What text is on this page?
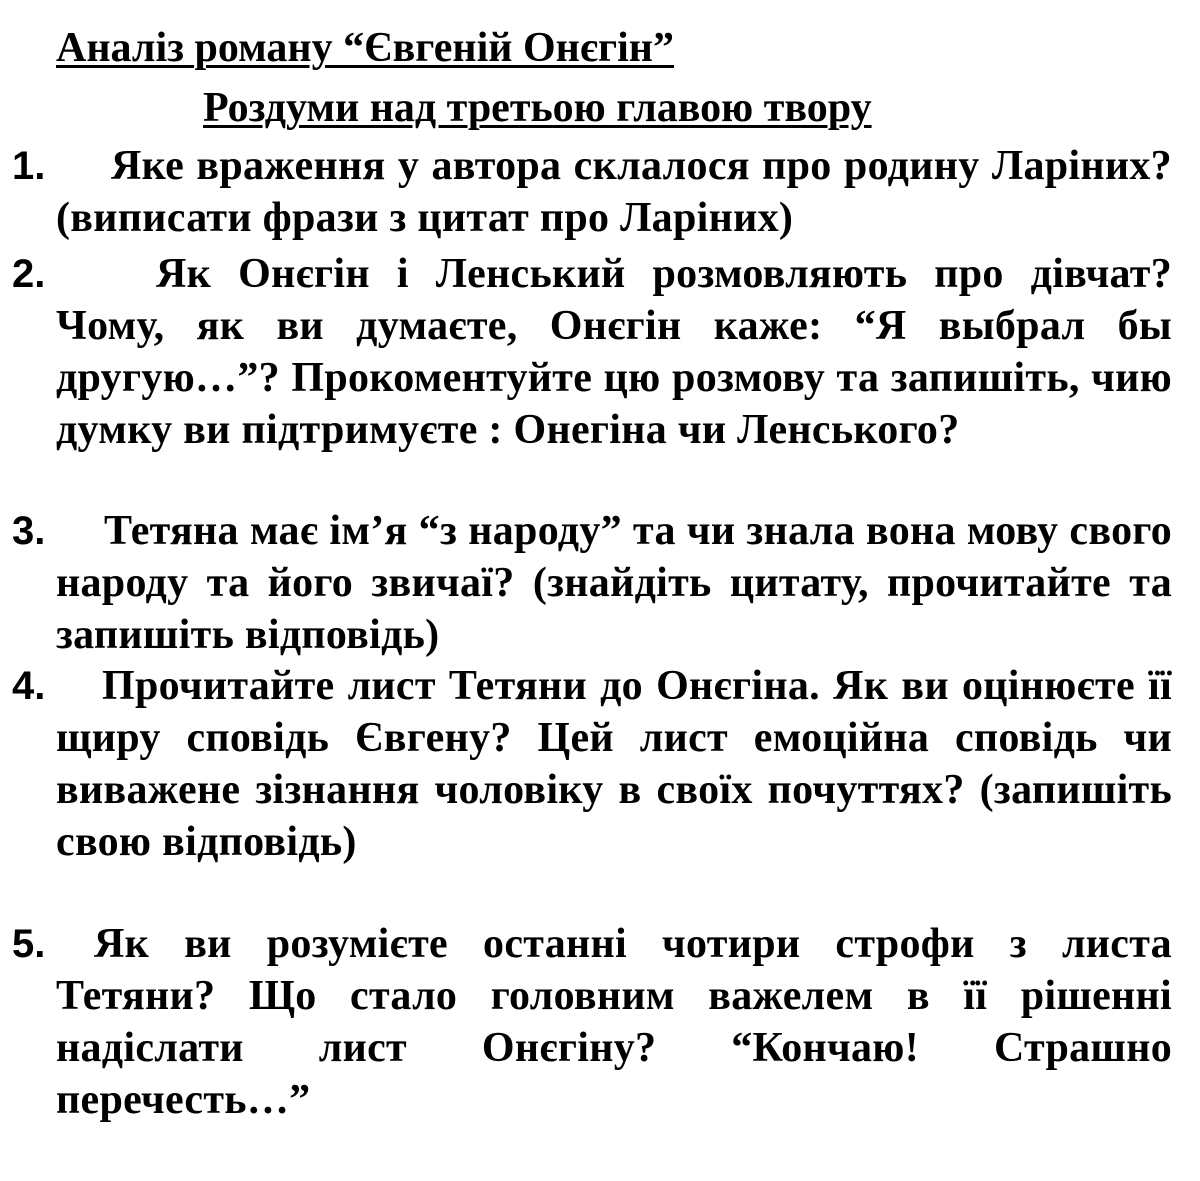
Аналіз роману “Євгеній Онєгін”
Роздуми над третьою главою твору
1.	Яке враження у автора склалося про родину Ларіних? (виписати фрази з цитат про Ларіних)
2.	Як Онєгін і Ленський розмовляють про дівчат? Чому, як ви думаєте, Онєгін каже: “Я выбрал бы другую…”? Прокоментуйте цю розмову та запишіть, чию думку ви підтримуєте : Онегіна чи Ленського?
3.	Тетяна має ім’я “з народу” та чи знала вона мову свого народу та його звичаї? (знайдіть цитату, прочитайте та запишіть відповідь)
4.	Прочитайте лист Тетяни до Онєгіна. Як ви оцінюєте її щиру сповідь Євгену? Цей лист емоційна сповідь чи виважене зізнання чоловіку в своїх почуттях? (запишіть свою відповідь)
5.	Як ви розумієте останні чотири строфи з листа Тетяни? Що стало головним важелем в її рішенні надіслати лист Онєгіну? “Кончаю! Страшно перечесть…”
